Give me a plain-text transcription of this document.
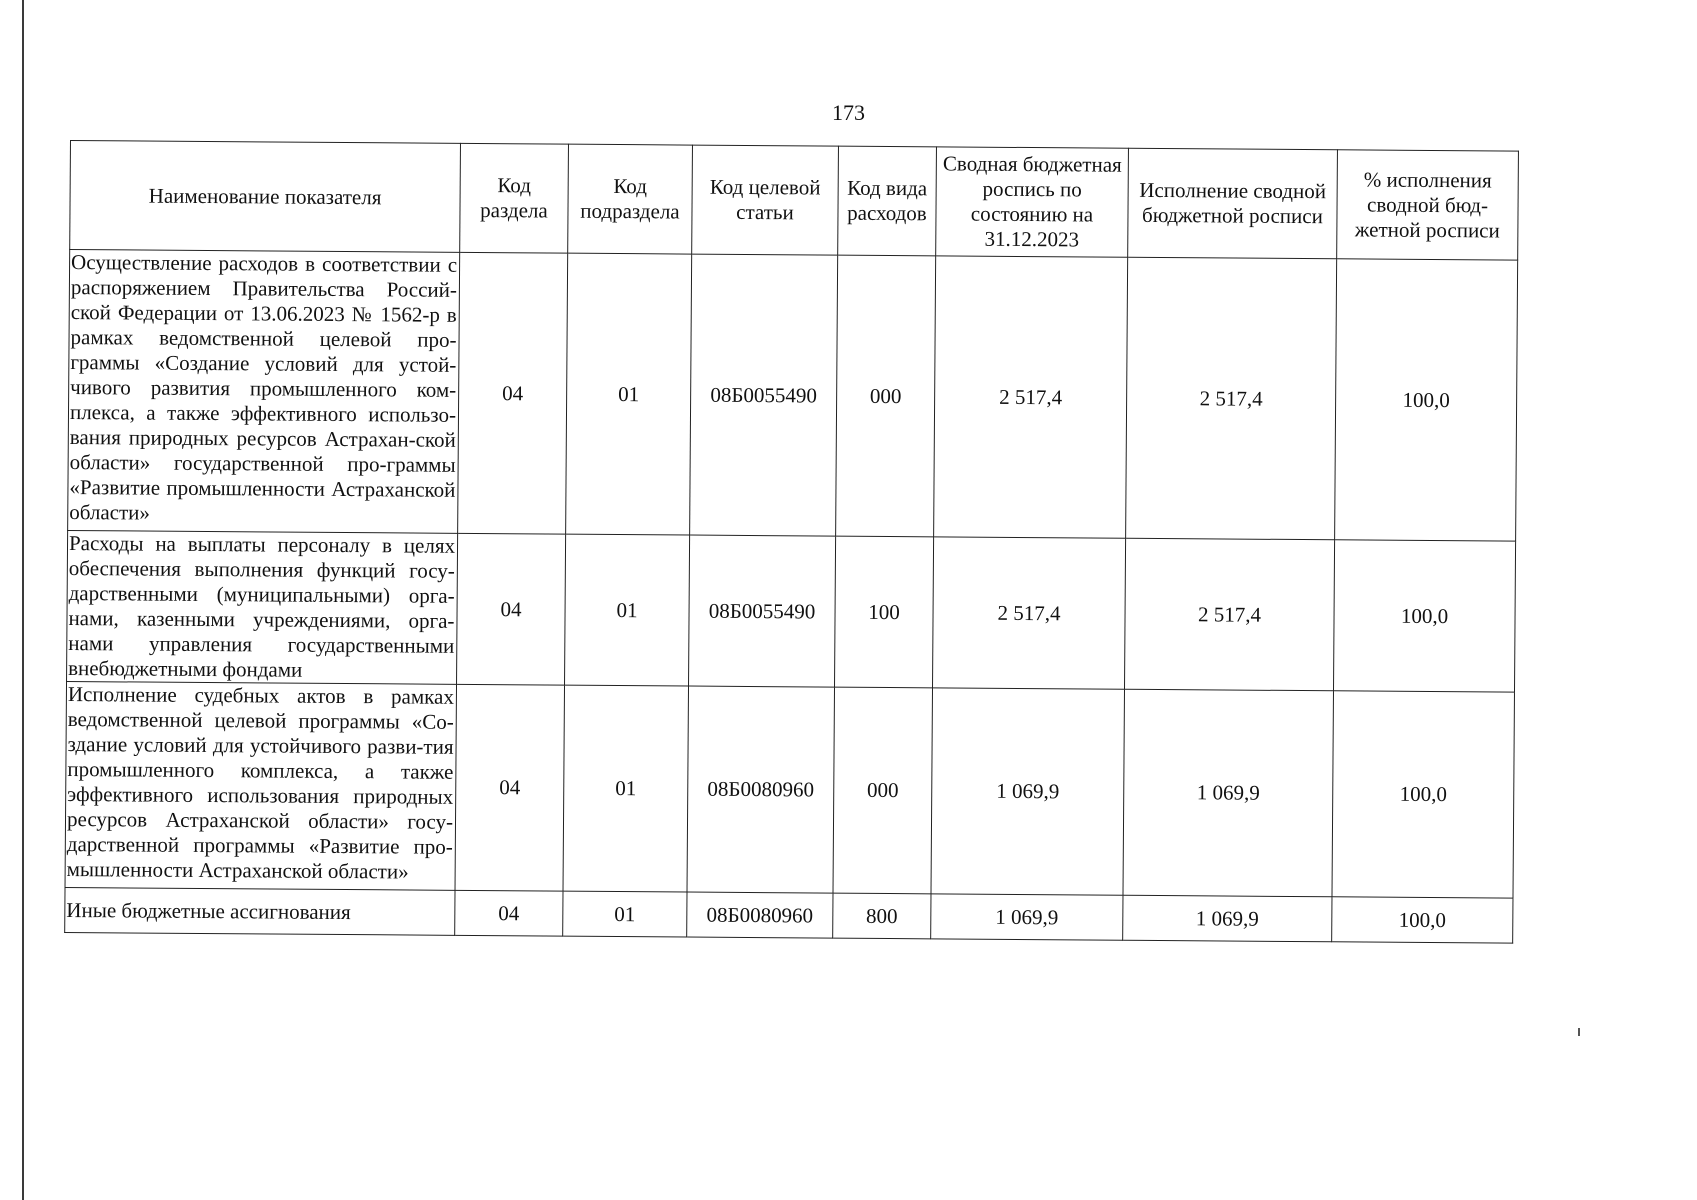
173
Наименование показателя	Код раздела	Код подраздела	Код целевой статьи	Код вида расходов	Сводная бюджетная роспись по состоянию на 31.12.2023	Исполнение сводной бюджетной росписи	% исполнения сводной бюд-жетной росписи
Осуществление расходов в соответствии с распоряжением Правительства Россий-ской Федерации от 13.06.2023 № 1562-р в рамках ведомственной целевой про-граммы «Создание условий для устой-чивого развития промышленного ком-плекса, а также эффективного использо-вания природных ресурсов Астрахан-ской области» государственной про-граммы «Развитие промышленности Астраханской области»	04	01	08Б0055490	000	2 517,4	2 517,4	100,0
Расходы на выплаты персоналу в целях обеспечения выполнения функций госу-дарственными (муниципальными) орга-нами, казенными учреждениями, орга-нами управления государственными внебюджетными фондами	04	01	08Б0055490	100	2 517,4	2 517,4	100,0
Исполнение судебных актов в рамках ведомственной целевой программы «Со-здание условий для устойчивого разви-тия промышленного комплекса, а также эффективного использования природных ресурсов Астраханской области» госу-дарственной программы «Развитие про-мышленности Астраханской области»	04	01	08Б0080960	000	1 069,9	1 069,9	100,0
Иные бюджетные ассигнования	04	01	08Б0080960	800	1 069,9	1 069,9	100,0
